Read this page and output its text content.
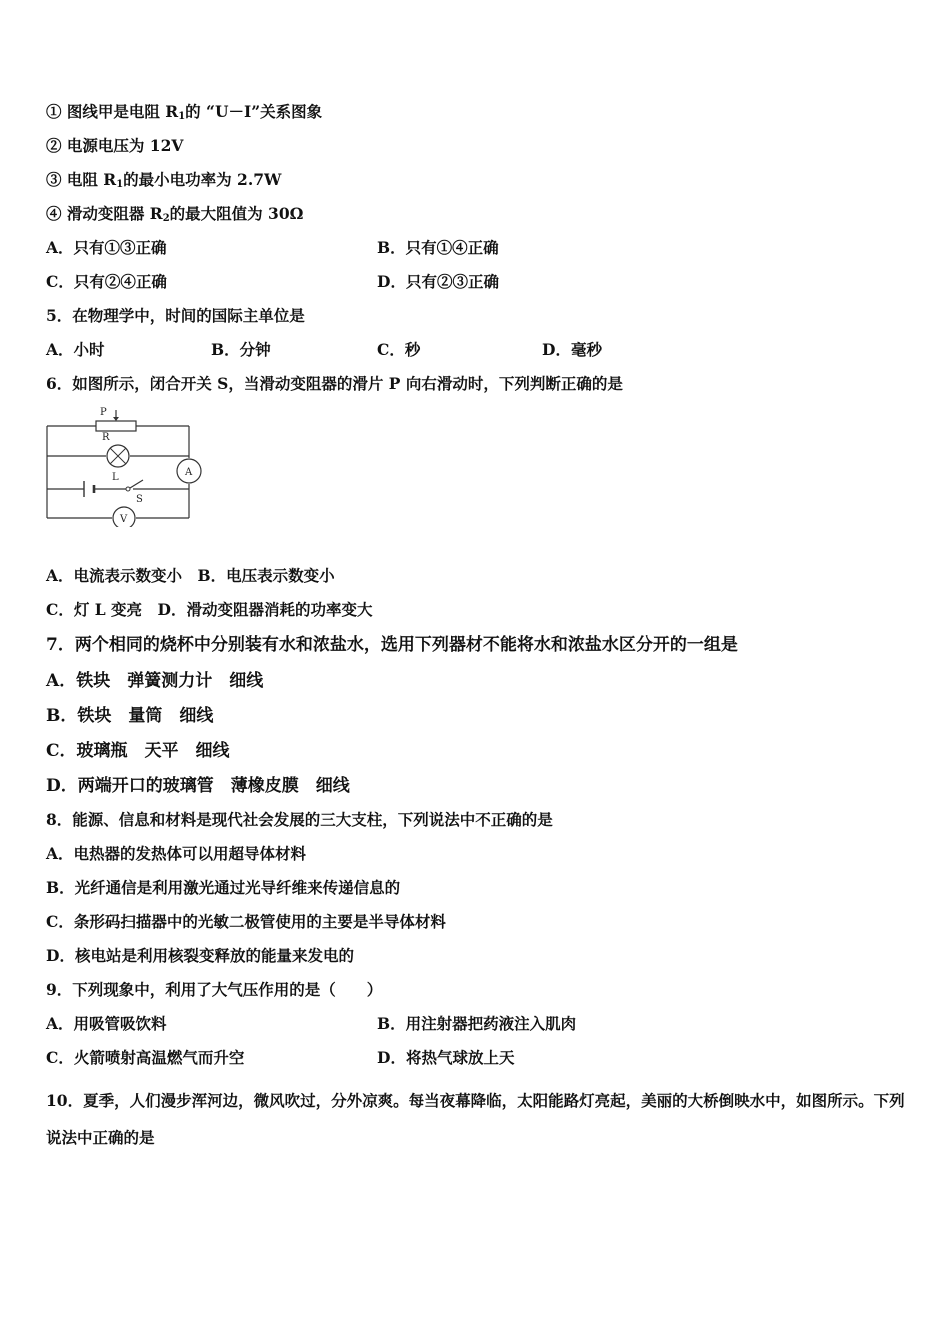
① 图线甲是电阻 $R_1$的 “U－I”关系图象
② 电源电压为 12V
③ 电阻 $R_1$的最小电功率为 2.7W
④ 滑动变阻器 $R_2$的最大阻值为 30Ω
A．只有①③正确	B．只有①④正确
C．只有②④正确	D．只有②③正确
5．在物理学中，时间的国际主单位是
A．小时	B．分钟	C．秒	D．毫秒
6．如图所示，闭合开关 S，当滑动变阻器的滑片 P 向右滑动时，下列判断正确的是
P
R
L	A
S
V
A．电流表示数变小　B．电压表示数变小
C．灯 L 变亮　D．滑动变阻器消耗的功率变大
7．两个相同的烧杯中分别装有水和浓盐水，选用下列器材不能将水和浓盐水区分开的一组是
A．铁块　弹簧测力计　细线
B．铁块　量筒　细线
C．玻璃瓶　天平　细线
D．两端开口的玻璃管　薄橡皮膜　细线
8．能源、信息和材料是现代社会发展的三大支柱，下列说法中不正确的是
A．电热器的发热体可以用超导体材料
B．光纤通信是利用激光通过光导纤维来传递信息的
C．条形码扫描器中的光敏二极管使用的主要是半导体材料
D．核电站是利用核裂变释放的能量来发电的
9．下列现象中，利用了大气压作用的是（　　）
A．用吸管吸饮料	B．用注射器把药液注入肌肉
C．火箭喷射高温燃气而升空	D．将热气球放上天
10．夏季，人们漫步浑河边，微风吹过，分外凉爽。每当夜幕降临，太阳能路灯亮起，美丽的大桥倒映水中，如图所示。下列说法中正确的是
